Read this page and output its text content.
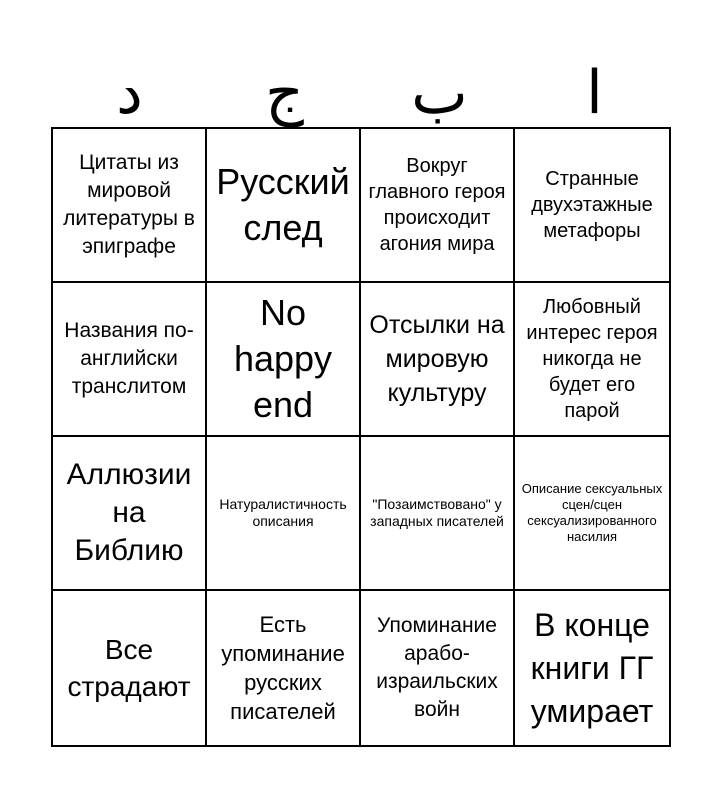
ا
ب
ج
د
Цитаты из мировой литературы в эпиграфе
Русский след
Вокруг главного героя происходит агония мира
Странные двухэтажные метафоры
Названия по-английски транслитом
No happy end
Отсылки на мировую культуру
Любовный интерес героя никогда не будет его парой
Аллюзии на Библию
Натуралистичность описания
"Позаимствовано" у западных писателей
Описание сексуальных сцен/сцен сексуализированного насилия
Все страдают
Есть упоминание русских писателей
Упоминание арабо-израильских войн
В конце книги ГГ умирает
